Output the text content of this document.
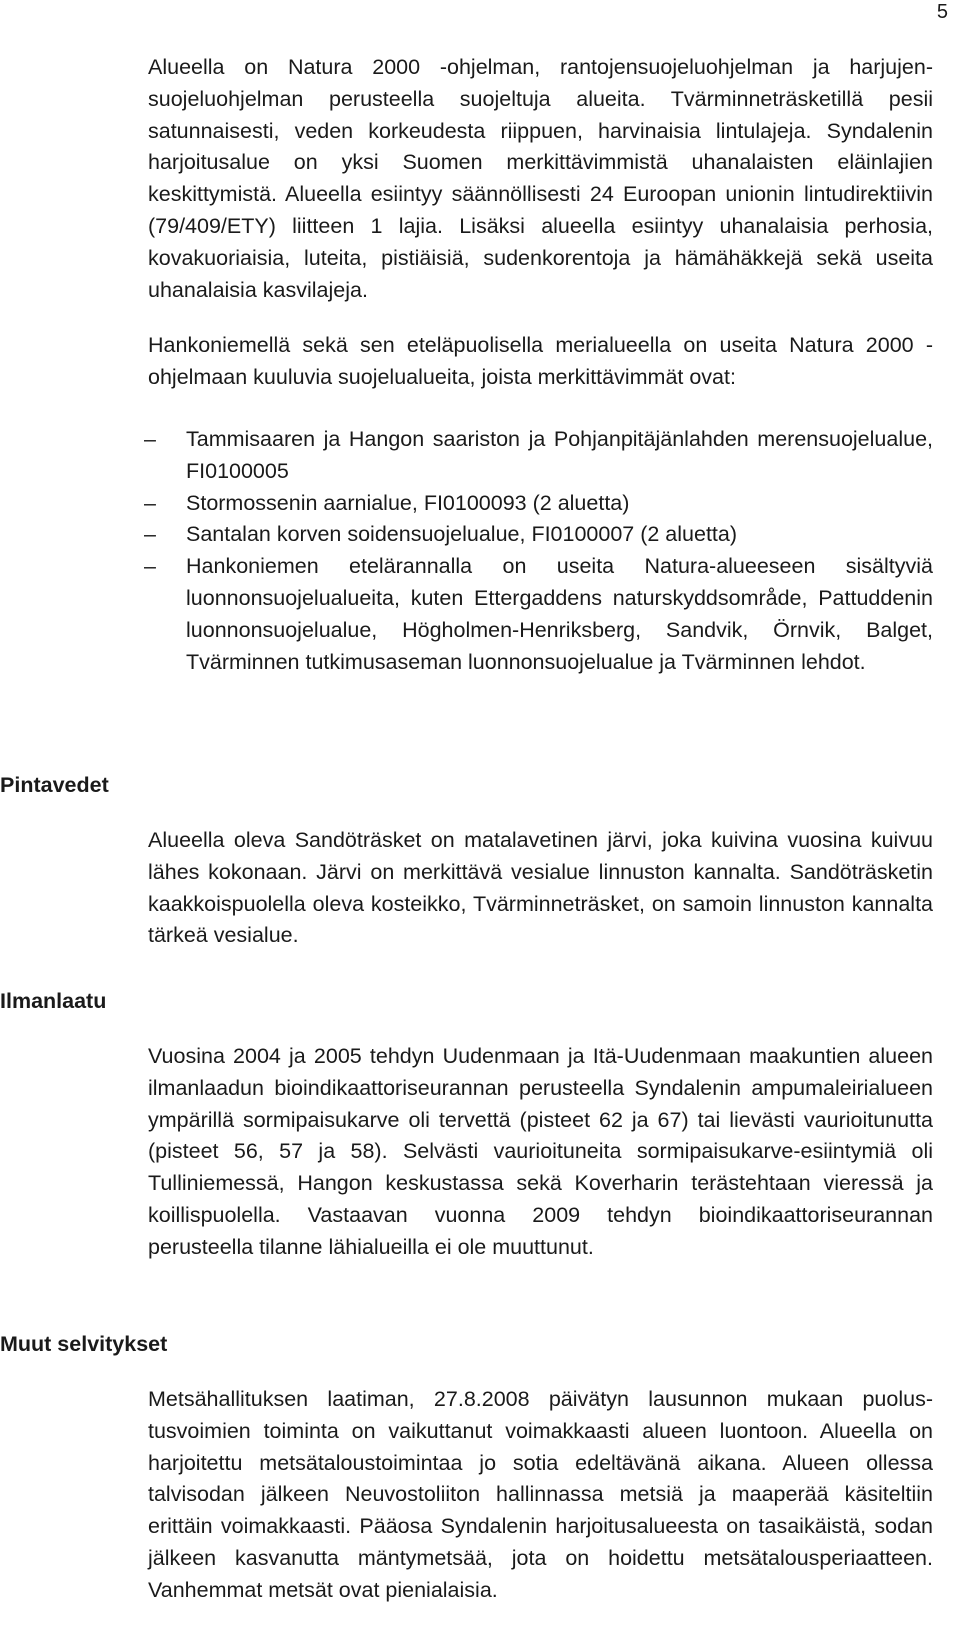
5

Alueella on Natura 2000 -ohjelman, rantojensuojeluohjelman ja harjujensuojeluohjelman perusteella suojeltuja alueita. Tvärminneträsketillä pesii satunnaisesti, veden korkeudesta riippuen, harvinaisia lintulajeja. Syndalenin harjoitusalue on yksi Suomen merkittävimmistä uhanalaisten eläinlajien keskittymistä. Alueella esiintyy säännöllisesti 24 Euroopan unionin lintudirektiivin (79/409/ETY) liitteen 1 lajia. Lisäksi alueella esiintyy uhanalaisia perhosia, kovakuoriaisia, luteita, pistiäisiä, sudenkorentoja ja hämähäkkejä sekä useita uhanalaisia kasvilajeja.

Hankoniemellä sekä sen eteläpuolisella merialueella on useita Natura 2000 -ohjelmaan kuuluvia suojelualueita, joista merkittävimmät ovat:

– Tammisaaren ja Hangon saariston ja Pohjanpitäjänlahden merensuojelualue, FI0100005
– Stormossenin aarnialue, FI0100093 (2 aluetta)
– Santalan korven soidensuojelualue, FI0100007 (2 aluetta)
– Hankoniemen etelärannalla on useita Natura-alueeseen sisältyviä luonnonsuojelualueita, kuten Ettergaddens naturskyddsområde, Pattuddenin luonnonsuojelualue, Högholmen-Henriksberg, Sandvik, Örnvik, Balget, Tvärminnen tutkimusaseman luonnonsuojelualue ja Tvärminnen lehdot.
Pintavedet

Alueella oleva Sandöträsket on matalavetinen järvi, joka kuivina vuosina kuivuu lähes kokonaan. Järvi on merkittävä vesialue linnuston kannalta. Sandöträsketin kaakkoispuolella oleva kosteikko, Tvärminneträsket, on samoin linnuston kannalta tärkeä vesialue.

Ilmanlaatu

Vuosina 2004 ja 2005 tehdyn Uudenmaan ja Itä-Uudenmaan maakuntien alueen ilmanlaadun bioindikaattoriseurannan perusteella Syndalenin ampumaleirialueen ympärillä sormipaisukarve oli tervettä (pisteet 62 ja 67) tai lievästi vaurioitunutta (pisteet 56, 57 ja 58). Selvästi vaurioituneita sormipaisukarve-esiintymiä oli Tulliniemessä, Hangon keskustassa sekä Koverharin terästehtaan vieressä ja koillispuolella. Vastaavan vuonna 2009 tehdyn bioindikaattoriseurannan perusteella tilanne lähialueilla ei ole muuttunut.

Muut selvitykset

Metsähallituksen laatiman, 27.8.2008 päivätyn lausunnon mukaan puolustusvoimien toiminta on vaikuttanut voimakkaasti alueen luontoon. Alueella on harjoitettu metsätaloustoimintaa jo sotia edeltävänä aikana. Alueen ollessa talvisodan jälkeen Neuvostoliiton hallinnassa metsiä ja maaperää käsiteltiin erittäin voimakkaasti. Pääosa Syndalenin harjoitusalueesta on tasaikäistä, sodan jälkeen kasvanutta mäntymetsää, jota on hoidettu metsätalousperiaatteen. Vanhemmat metsät ovat pienialaisia.
